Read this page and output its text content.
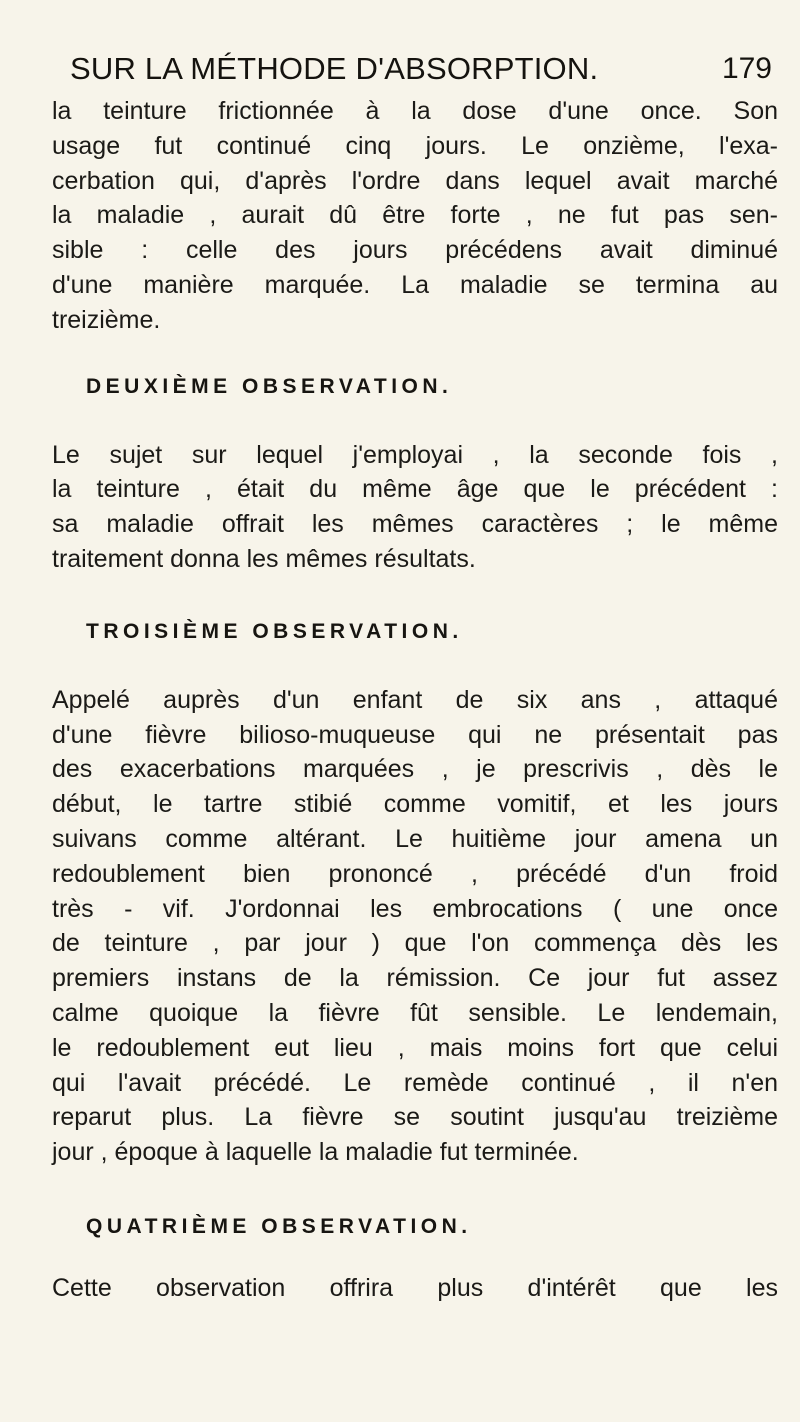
SUR LA MÉTHODE D'ABSORPTION.	179
la teinture frictionnée à la dose d'une once. Son
usage fut continué cinq jours. Le onzième, l'exa-
cerbation qui, d'après l'ordre dans lequel avait marché
la maladie , aurait dû être forte , ne fut pas sen-
sible : celle des jours précédens avait diminué
d'une manière marquée. La maladie se termina au
treizième.
DEUXIÈME OBSERVATION.
Le sujet sur lequel j'employai , la seconde fois ,
la teinture , était du même âge que le précédent :
sa maladie offrait les mêmes caractères ; le même
traitement donna les mêmes résultats.
TROISIÈME OBSERVATION.
Appelé auprès d'un enfant de six ans , attaqué
d'une fièvre bilioso-muqueuse qui ne présentait pas
des exacerbations marquées , je prescrivis , dès le
début, le tartre stibié comme vomitif, et les jours
suivans comme altérant. Le huitième jour amena un
redoublement bien prononcé , précédé d'un froid
très - vif. J'ordonnai les embrocations ( une once
de teinture , par jour ) que l'on commença dès les
premiers instans de la rémission. Ce jour fut assez
calme quoique la fièvre fût sensible. Le lendemain,
le redoublement eut lieu , mais moins fort que celui
qui l'avait précédé. Le remède continué , il n'en
reparut plus. La fièvre se soutint jusqu'au treizième
jour , époque à laquelle la maladie fut terminée.
QUATRIÈME OBSERVATION.
Cette observation offrira plus d'intérêt que les
